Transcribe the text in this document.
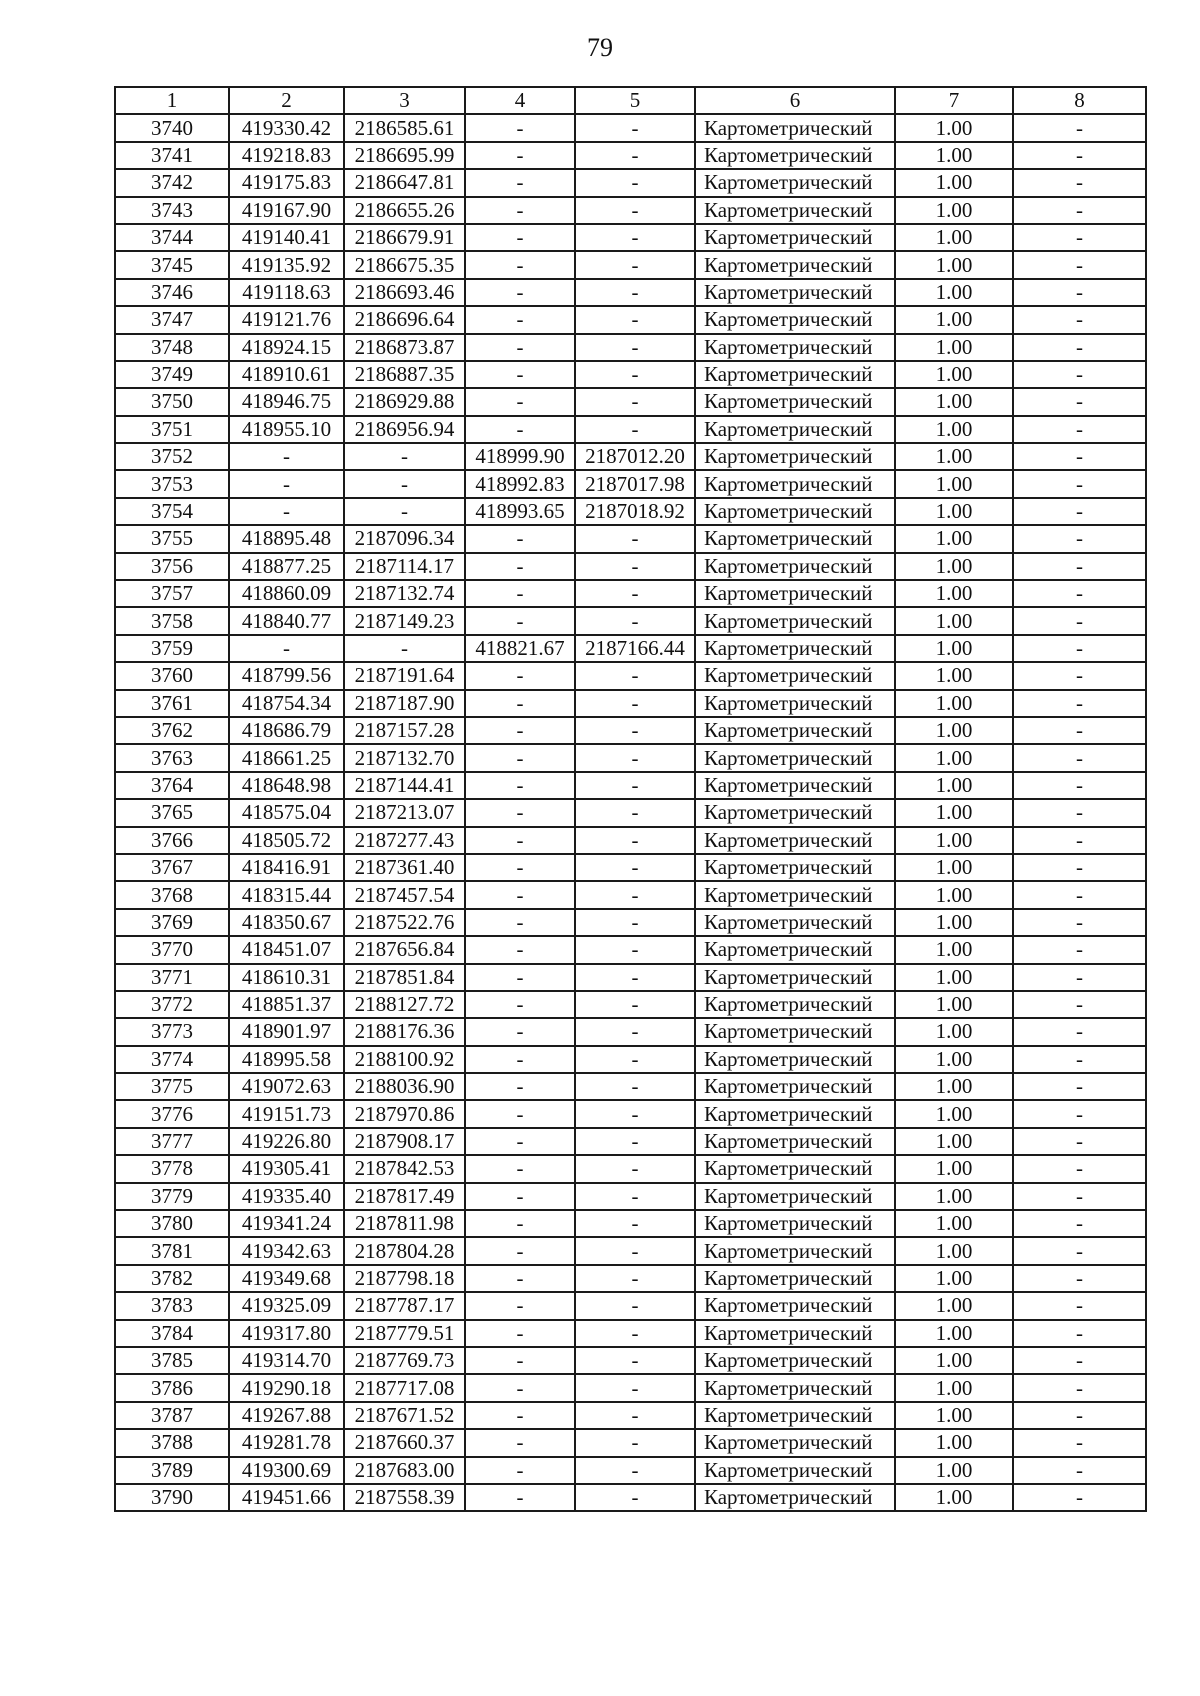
79
1	2	3	4	5	6	7	8
3740	419330.42	2186585.61	-	-	Картометрический	1.00	-
3741	419218.83	2186695.99	-	-	Картометрический	1.00	-
3742	419175.83	2186647.81	-	-	Картометрический	1.00	-
3743	419167.90	2186655.26	-	-	Картометрический	1.00	-
3744	419140.41	2186679.91	-	-	Картометрический	1.00	-
3745	419135.92	2186675.35	-	-	Картометрический	1.00	-
3746	419118.63	2186693.46	-	-	Картометрический	1.00	-
3747	419121.76	2186696.64	-	-	Картометрический	1.00	-
3748	418924.15	2186873.87	-	-	Картометрический	1.00	-
3749	418910.61	2186887.35	-	-	Картометрический	1.00	-
3750	418946.75	2186929.88	-	-	Картометрический	1.00	-
3751	418955.10	2186956.94	-	-	Картометрический	1.00	-
3752	-	-	418999.90	2187012.20	Картометрический	1.00	-
3753	-	-	418992.83	2187017.98	Картометрический	1.00	-
3754	-	-	418993.65	2187018.92	Картометрический	1.00	-
3755	418895.48	2187096.34	-	-	Картометрический	1.00	-
3756	418877.25	2187114.17	-	-	Картометрический	1.00	-
3757	418860.09	2187132.74	-	-	Картометрический	1.00	-
3758	418840.77	2187149.23	-	-	Картометрический	1.00	-
3759	-	-	418821.67	2187166.44	Картометрический	1.00	-
3760	418799.56	2187191.64	-	-	Картометрический	1.00	-
3761	418754.34	2187187.90	-	-	Картометрический	1.00	-
3762	418686.79	2187157.28	-	-	Картометрический	1.00	-
3763	418661.25	2187132.70	-	-	Картометрический	1.00	-
3764	418648.98	2187144.41	-	-	Картометрический	1.00	-
3765	418575.04	2187213.07	-	-	Картометрический	1.00	-
3766	418505.72	2187277.43	-	-	Картометрический	1.00	-
3767	418416.91	2187361.40	-	-	Картометрический	1.00	-
3768	418315.44	2187457.54	-	-	Картометрический	1.00	-
3769	418350.67	2187522.76	-	-	Картометрический	1.00	-
3770	418451.07	2187656.84	-	-	Картометрический	1.00	-
3771	418610.31	2187851.84	-	-	Картометрический	1.00	-
3772	418851.37	2188127.72	-	-	Картометрический	1.00	-
3773	418901.97	2188176.36	-	-	Картометрический	1.00	-
3774	418995.58	2188100.92	-	-	Картометрический	1.00	-
3775	419072.63	2188036.90	-	-	Картометрический	1.00	-
3776	419151.73	2187970.86	-	-	Картометрический	1.00	-
3777	419226.80	2187908.17	-	-	Картометрический	1.00	-
3778	419305.41	2187842.53	-	-	Картометрический	1.00	-
3779	419335.40	2187817.49	-	-	Картометрический	1.00	-
3780	419341.24	2187811.98	-	-	Картометрический	1.00	-
3781	419342.63	2187804.28	-	-	Картометрический	1.00	-
3782	419349.68	2187798.18	-	-	Картометрический	1.00	-
3783	419325.09	2187787.17	-	-	Картометрический	1.00	-
3784	419317.80	2187779.51	-	-	Картометрический	1.00	-
3785	419314.70	2187769.73	-	-	Картометрический	1.00	-
3786	419290.18	2187717.08	-	-	Картометрический	1.00	-
3787	419267.88	2187671.52	-	-	Картометрический	1.00	-
3788	419281.78	2187660.37	-	-	Картометрический	1.00	-
3789	419300.69	2187683.00	-	-	Картометрический	1.00	-
3790	419451.66	2187558.39	-	-	Картометрический	1.00	-
